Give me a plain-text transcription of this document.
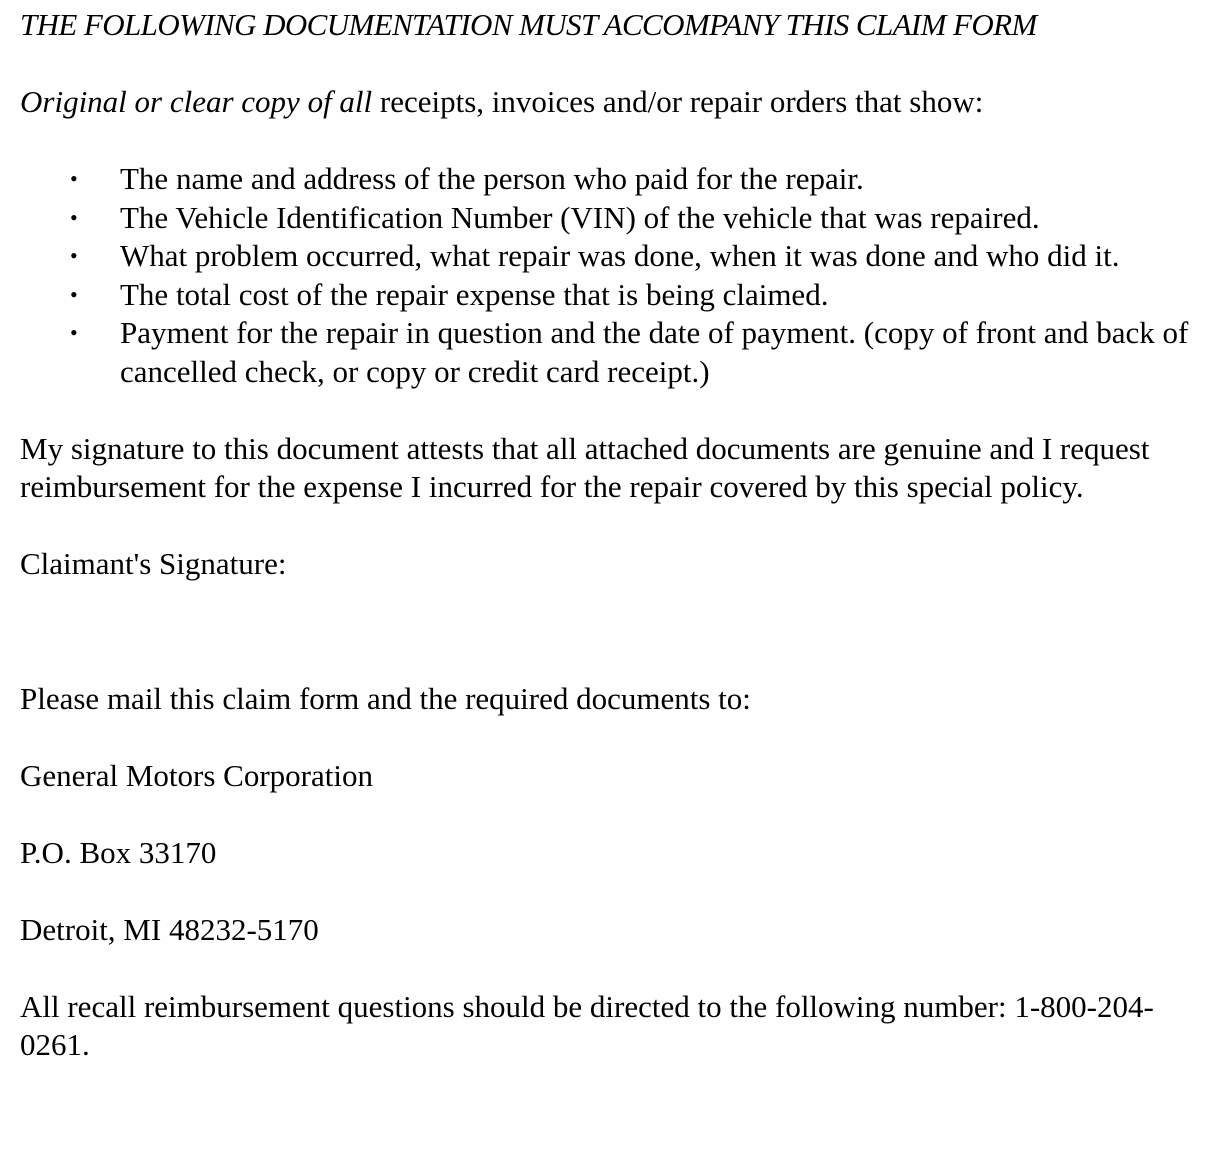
THE FOLLOWING DOCUMENTATION MUST ACCOMPANY THIS CLAIM FORM

Original or clear copy of all receipts, invoices and/or repair orders that show:

• The name and address of the person who paid for the repair.
• The Vehicle Identification Number (VIN) of the vehicle that was repaired.
• What problem occurred, what repair was done, when it was done and who did it.
• The total cost of the repair expense that is being claimed.
• Payment for the repair in question and the date of payment. (copy of front and back of cancelled check, or copy or credit card receipt.)

My signature to this document attests that all attached documents are genuine and I request reimbursement for the expense I incurred for the repair covered by this special policy.

Claimant's Signature:

Please mail this claim form and the required documents to:

General Motors Corporation

P.O. Box 33170

Detroit, MI 48232-5170

All recall reimbursement questions should be directed to the following number: 1-800-204-0261.
